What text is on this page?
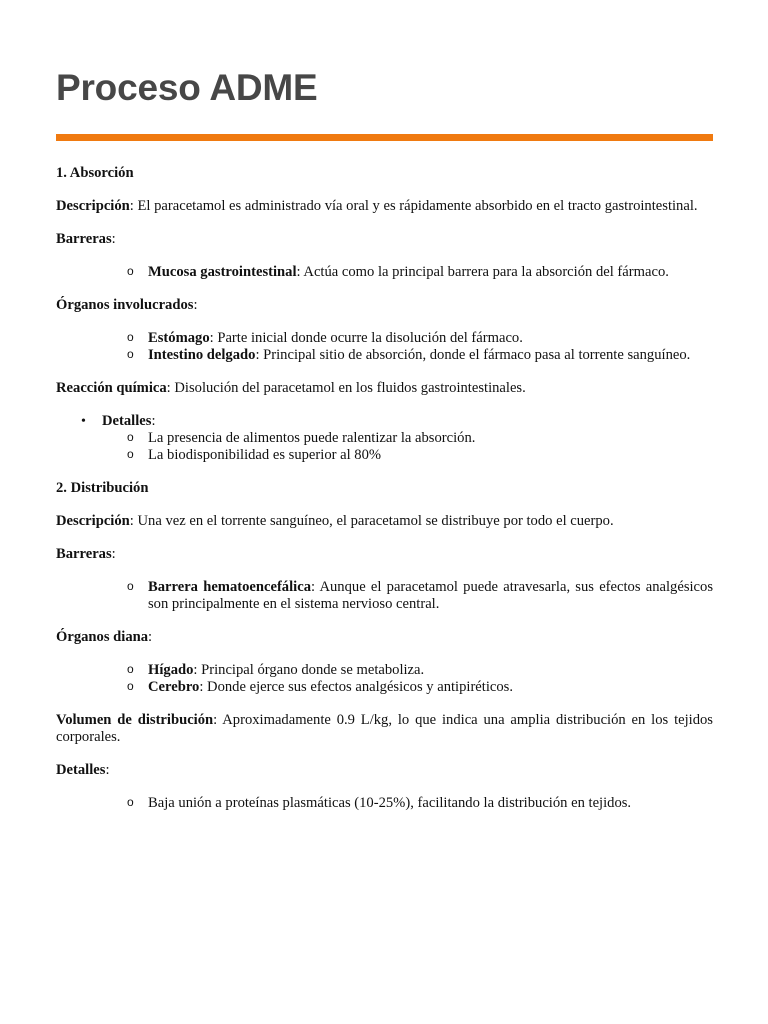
Proceso ADME

1. Absorción

Descripción: El paracetamol es administrado vía oral y es rápidamente absorbido en el tracto gastrointestinal.

Barreras:

o Mucosa gastrointestinal: Actúa como la principal barrera para la absorción del fármaco.

Órganos involucrados:

o Estómago: Parte inicial donde ocurre la disolución del fármaco.
o Intestino delgado: Principal sitio de absorción, donde el fármaco pasa al torrente sanguíneo.

Reacción química: Disolución del paracetamol en los fluidos gastrointestinales.

• Detalles:
o La presencia de alimentos puede ralentizar la absorción.
o La biodisponibilidad es superior al 80%

2. Distribución

Descripción: Una vez en el torrente sanguíneo, el paracetamol se distribuye por todo el cuerpo.

Barreras:

o Barrera hematoencefálica: Aunque el paracetamol puede atravesarla, sus efectos analgésicos son principalmente en el sistema nervioso central.

Órganos diana:

o Hígado: Principal órgano donde se metaboliza.
o Cerebro: Donde ejerce sus efectos analgésicos y antipiréticos.

Volumen de distribución: Aproximadamente 0.9 L/kg, lo que indica una amplia distribución en los tejidos corporales.

Detalles:

o Baja unión a proteínas plasmáticas (10-25%), facilitando la distribución en tejidos.
